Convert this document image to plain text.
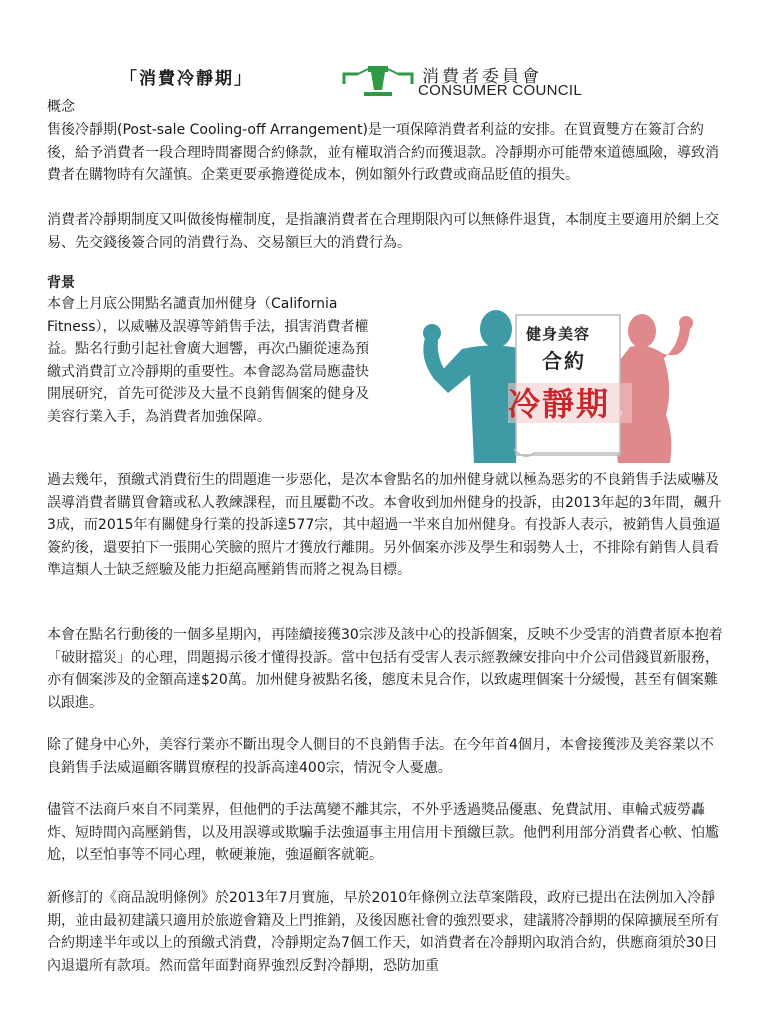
「消費冷靜期」	消費者委員會
CONSUMER COUNCIL
概念
售後冷靜期(Post-sale Cooling-off Arrangement)是一項保障消費者利益的安排。在買賣雙方在簽訂合約後，給予消費者一段合理時間審閱合約條款，並有權取消合約而獲退款。冷靜期亦可能帶來道德風險，導致消費者在購物時有欠謹慎。企業更要承擔遵從成本，例如額外行政費或商品貶值的損失。
消費者冷靜期制度又叫做後悔權制度，是指讓消費者在合理期限內可以無條件退貨，本制度主要適用於網上交易、先交錢後簽合同的消費行為、交易額巨大的消費行為。
背景
本會上月底公開點名譴責加州健身（California Fitness），以威嚇及誤導等銷售手法，損害消費者權益。點名行動引起社會廣大迴響，再次凸顯從速為預繳式消費訂立冷靜期的重要性。本會認為當局應盡快開展研究，首先可從涉及大量不良銷售個案的健身及美容行業入手，為消費者加強保障。
健身美容
合約
冷靜期
過去幾年，預繳式消費衍生的問題進一步惡化，是次本會點名的加州健身就以極為惡劣的不良銷售手法威嚇及誤導消費者購買會籍或私人教練課程，而且屢勸不改。本會收到加州健身的投訴，由2013年起的3年間，飆升3成，而2015年有關健身行業的投訴達577宗，其中超過一半來自加州健身。有投訴人表示，被銷售人員強逼簽約後，還要拍下一張開心笑臉的照片才獲放行離開。另外個案亦涉及學生和弱勢人士，不排除有銷售人員看準這類人士缺乏經驗及能力拒絕高壓銷售而將之視為目標。
本會在點名行動後的一個多星期內，再陸續接獲30宗涉及該中心的投訴個案，反映不少受害的消費者原本抱着「破財擋災」的心理，問題揭示後才懂得投訴。當中包括有受害人表示經教練安排向中介公司借錢買新服務，亦有個案涉及的金額高達$20萬。加州健身被點名後，態度未見合作，以致處理個案十分緩慢，甚至有個案難以跟進。
除了健身中心外，美容行業亦不斷出現令人側目的不良銷售手法。在今年首4個月，本會接獲涉及美容業以不良銷售手法威逼顧客購買療程的投訴高達400宗，情況令人憂慮。
儘管不法商戶來自不同業界，但他們的手法萬變不離其宗，不外乎透過獎品優惠、免費試用、車輪式疲勞轟炸、短時間內高壓銷售，以及用誤導或欺騙手法強逼事主用信用卡預繳巨款。他們利用部分消費者心軟、怕尷尬，以至怕事等不同心理，軟硬兼施，強逼顧客就範。
新修訂的《商品說明條例》於2013年7月實施，早於2010年條例立法草案階段，政府已提出在法例加入冷靜期，並由最初建議只適用於旅遊會籍及上門推銷，及後因應社會的強烈要求，建議將冷靜期的保障擴展至所有合約期達半年或以上的預繳式消費，冷靜期定為7個工作天，如消費者在冷靜期內取消合約，供應商須於30日內退還所有款項。然而當年面對商界強烈反對冷靜期，恐防加重
